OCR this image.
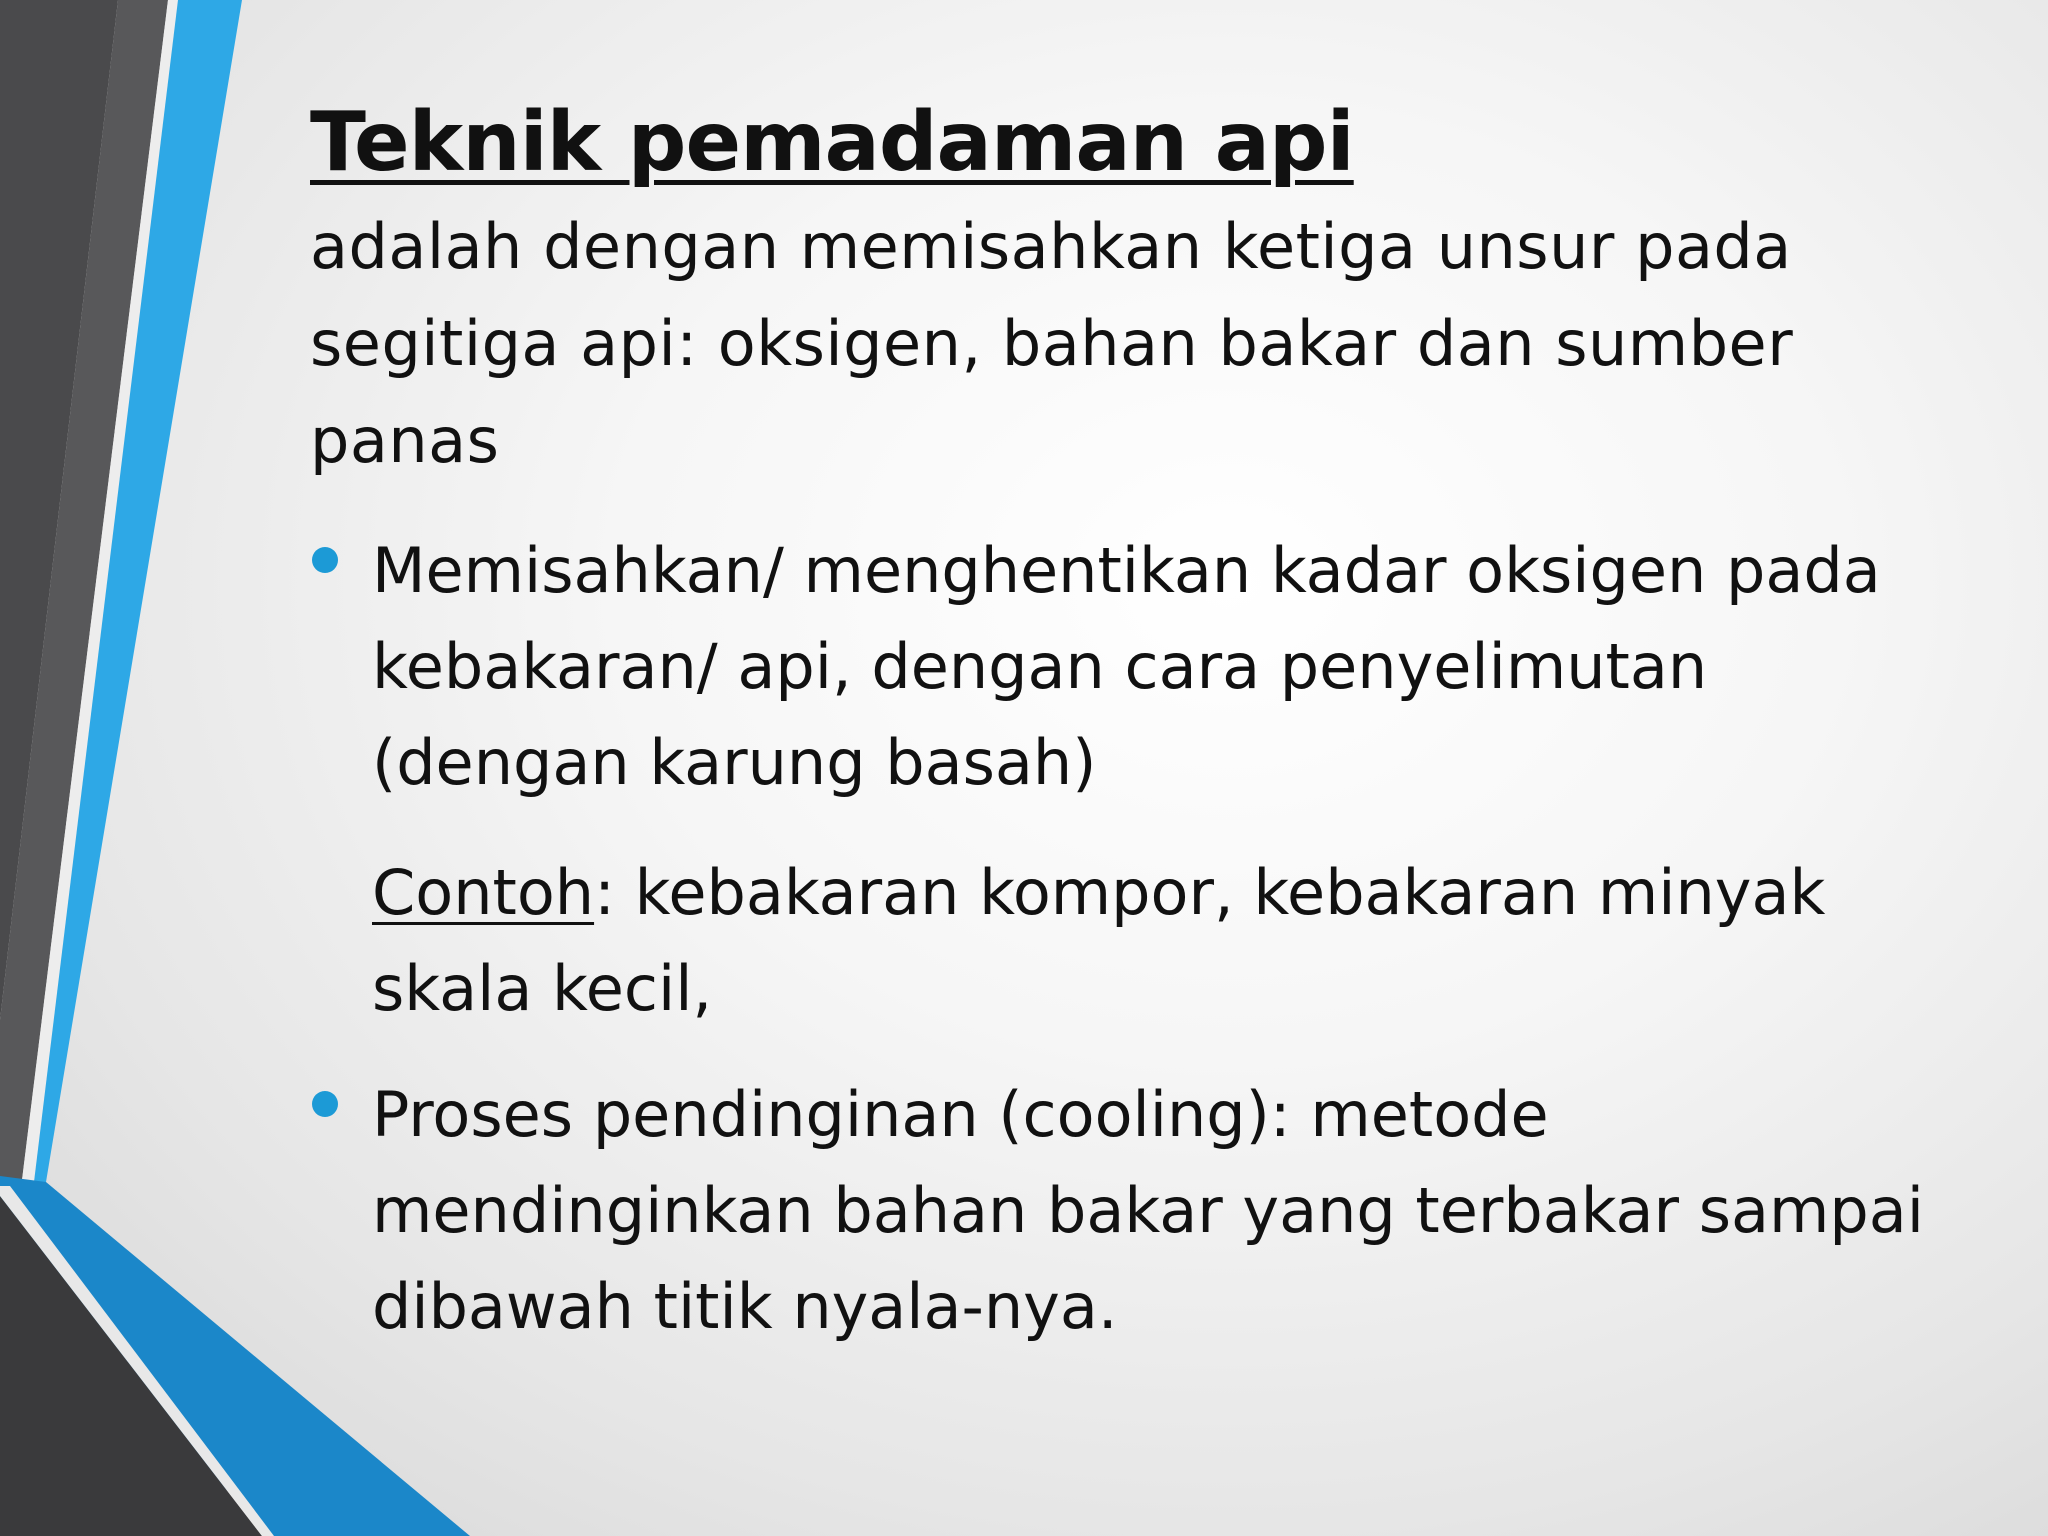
Teknik pemadaman api

adalah dengan memisahkan ketiga unsur pada segitiga api: oksigen, bahan bakar dan sumber panas

Memisahkan/ menghentikan kadar oksigen pada kebakaran/ api, dengan cara penyelimutan (dengan karung basah)
Contoh: kebakaran kompor, kebakaran minyak skala kecil,
Proses pendinginan (cooling): metode mendinginkan bahan bakar yang terbakar sampai dibawah titik nyala-nya.
